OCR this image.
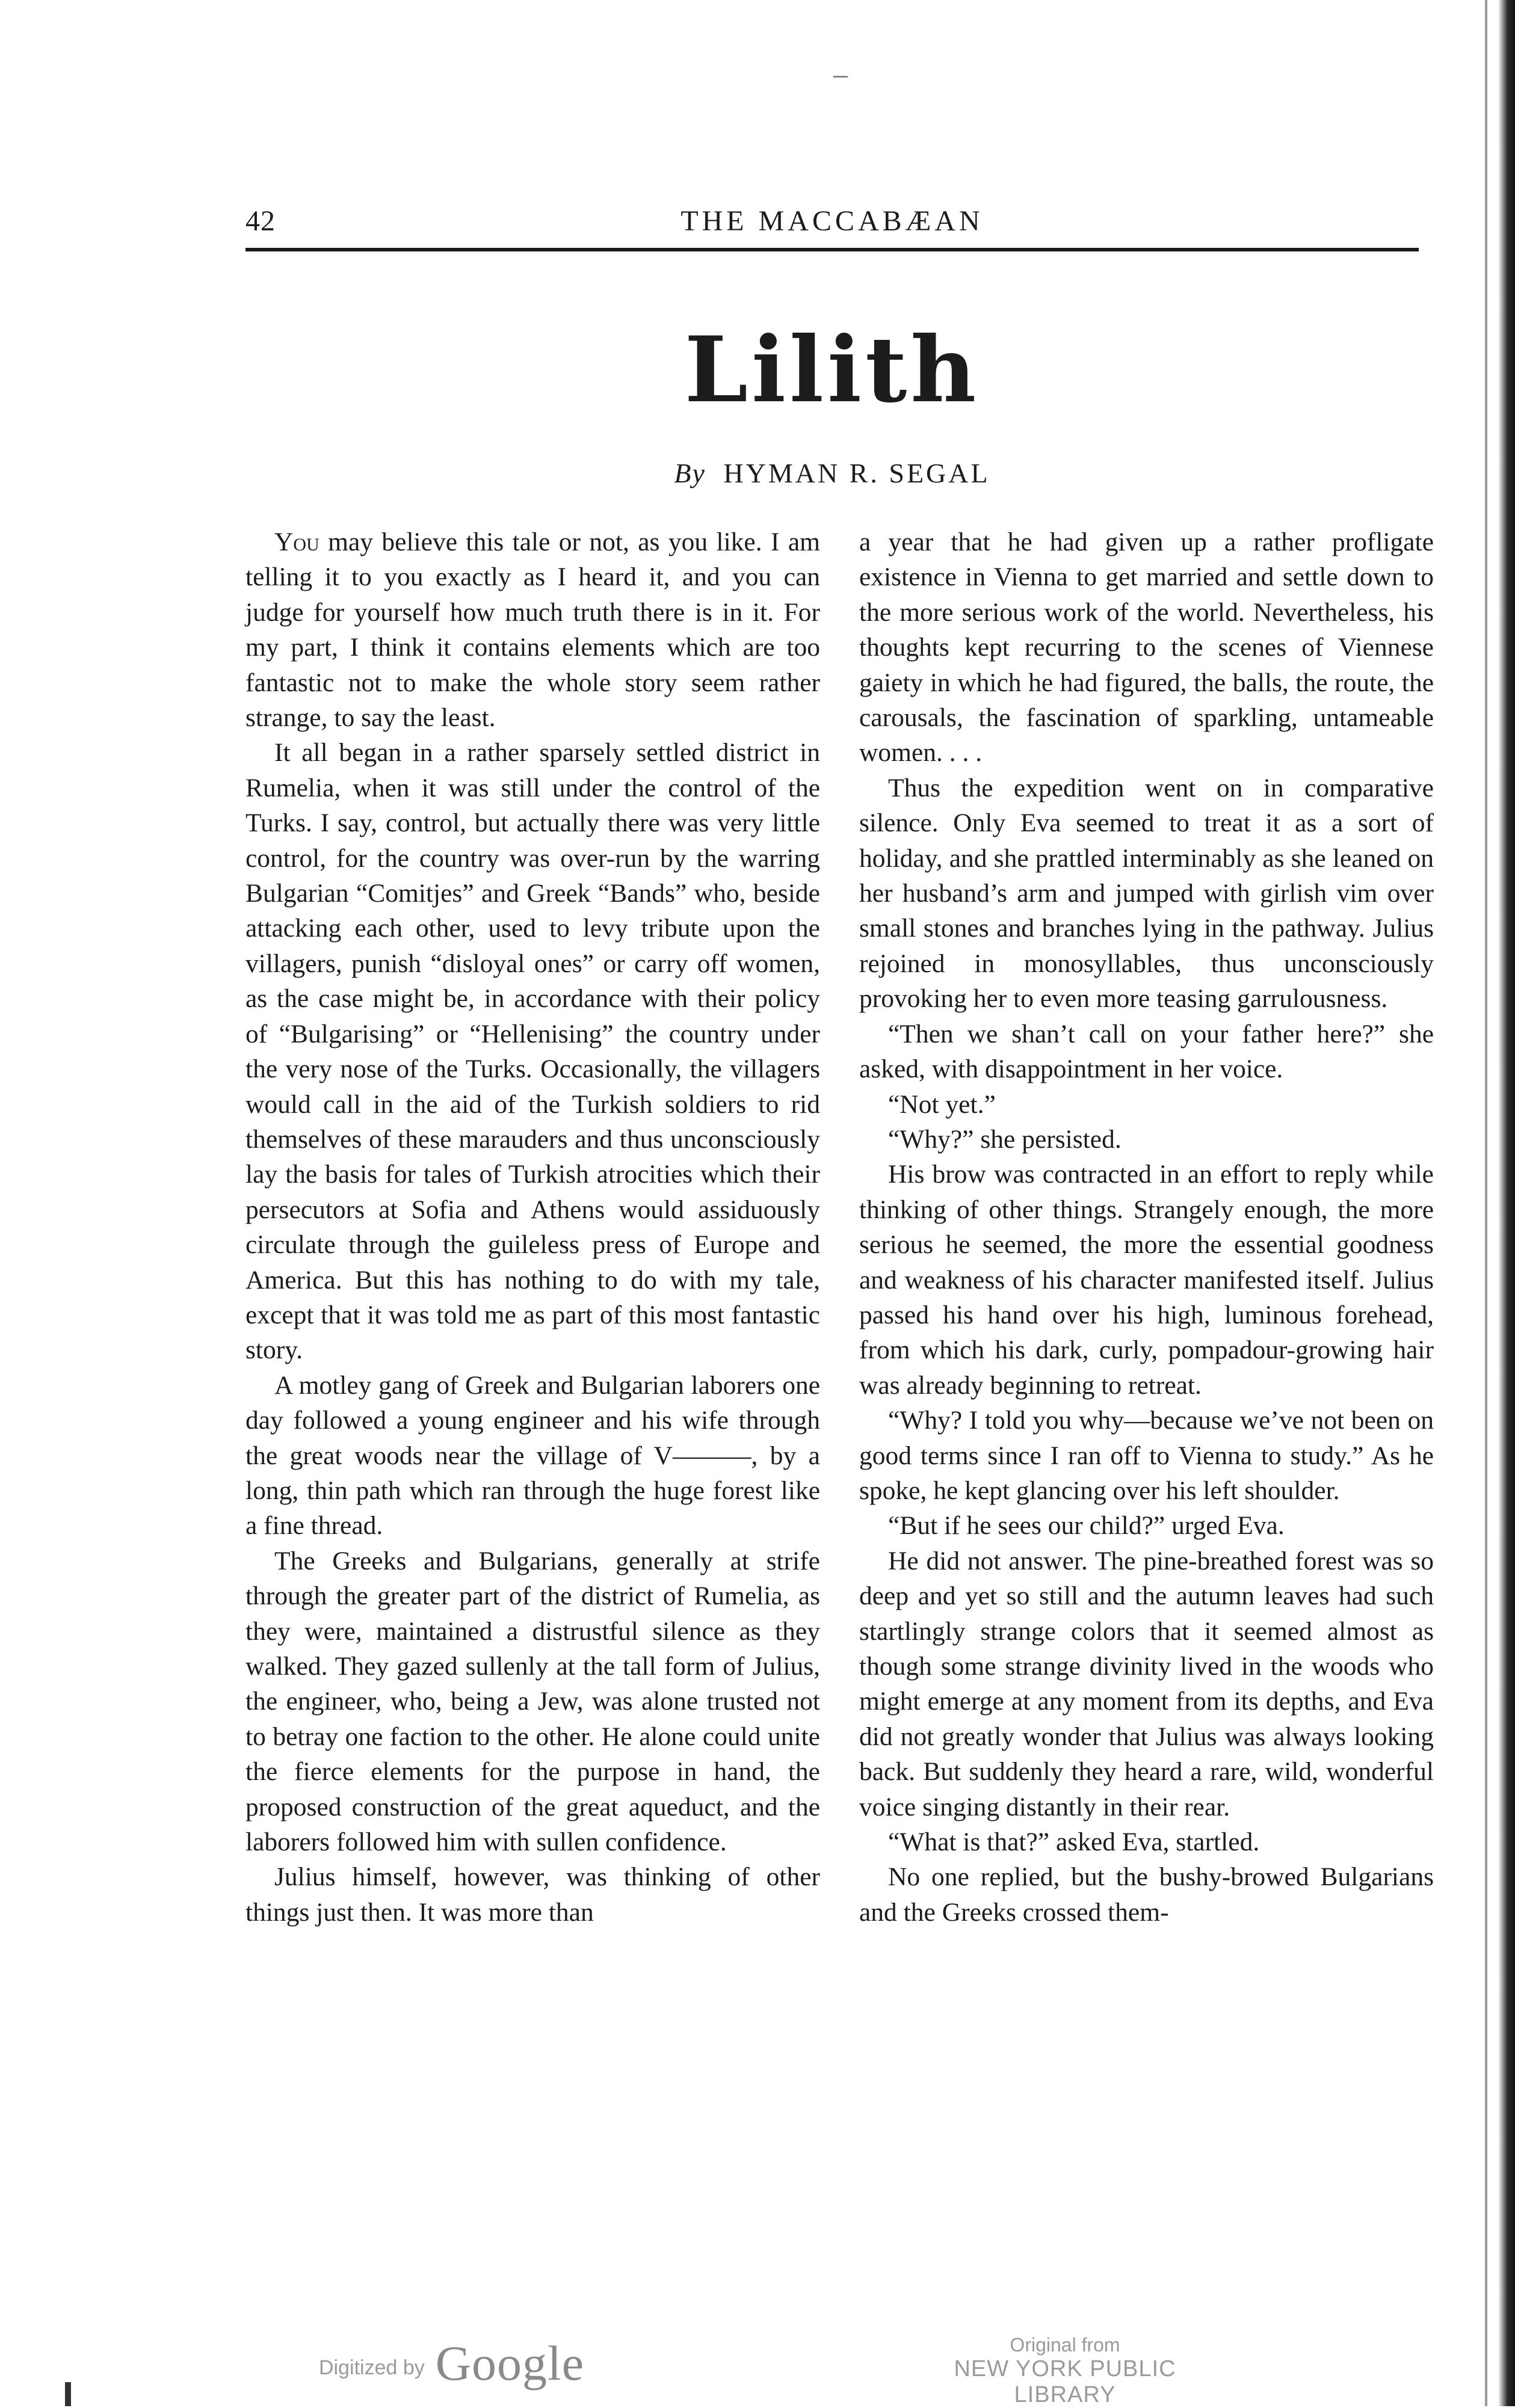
42	THE MACCABÆAN
Lilith
By HYMAN R. SEGAL

You may believe this tale or not, as you like. I am telling it to you exactly as I heard it, and you can judge for yourself how much truth there is in it. For my part, I think it contains elements which are too fantastic not to make the whole story seem rather strange, to say the least.

It all began in a rather sparsely settled district in Rumelia, when it was still under the control of the Turks. I say, control, but actually there was very little control, for the country was over-run by the warring Bulgarian “Comitjes” and Greek “Bands” who, beside attacking each other, used to levy tribute upon the villagers, punish “disloyal ones” or carry off women, as the case might be, in accordance with their policy of “Bulgarising” or “Hellenising” the country under the very nose of the Turks. Occasionally, the villagers would call in the aid of the Turkish soldiers to rid themselves of these marauders and thus unconsciously lay the basis for tales of Turkish atrocities which their persecutors at Sofia and Athens would assiduously circulate through the guileless press of Europe and America. But this has nothing to do with my tale, except that it was told me as part of this most fantastic story.

A motley gang of Greek and Bulgarian laborers one day followed a young engineer and his wife through the great woods near the village of V———, by a long, thin path which ran through the huge forest like a fine thread.

The Greeks and Bulgarians, generally at strife through the greater part of the district of Rumelia, as they were, maintained a distrustful silence as they walked. They gazed sullenly at the tall form of Julius, the engineer, who, being a Jew, was alone trusted not to betray one faction to the other. He alone could unite the fierce elements for the purpose in hand, the proposed construction of the great aqueduct, and the laborers followed him with sullen confidence.

Julius himself, however, was thinking of other things just then. It was more than

a year that he had given up a rather profligate existence in Vienna to get married and settle down to the more serious work of the world. Nevertheless, his thoughts kept recurring to the scenes of Viennese gaiety in which he had figured, the balls, the route, the carousals, the fascination of sparkling, untameable women. . . .

Thus the expedition went on in comparative silence. Only Eva seemed to treat it as a sort of holiday, and she prattled interminably as she leaned on her husband’s arm and jumped with girlish vim over small stones and branches lying in the pathway. Julius rejoined in monosyllables, thus unconsciously provoking her to even more teasing garrulousness.

“Then we shan’t call on your father here?” she asked, with disappointment in her voice.

“Not yet.”

“Why?” she persisted.

His brow was contracted in an effort to reply while thinking of other things. Strangely enough, the more serious he seemed, the more the essential goodness and weakness of his character manifested itself. Julius passed his hand over his high, luminous forehead, from which his dark, curly, pompadour-growing hair was already beginning to retreat.

“Why? I told you why—because we’ve not been on good terms since I ran off to Vienna to study.” As he spoke, he kept glancing over his left shoulder.

“But if he sees our child?” urged Eva.

He did not answer. The pine-breathed forest was so deep and yet so still and the autumn leaves had such startlingly strange colors that it seemed almost as though some strange divinity lived in the woods who might emerge at any moment from its depths, and Eva did not greatly wonder that Julius was always looking back. But suddenly they heard a rare, wild, wonderful voice singing distantly in their rear.

“What is that?” asked Eva, startled.

No one replied, but the bushy-browed Bulgarians and the Greeks crossed them-

Digitized by Google	Original from
NEW YORK PUBLIC LIBRARY
